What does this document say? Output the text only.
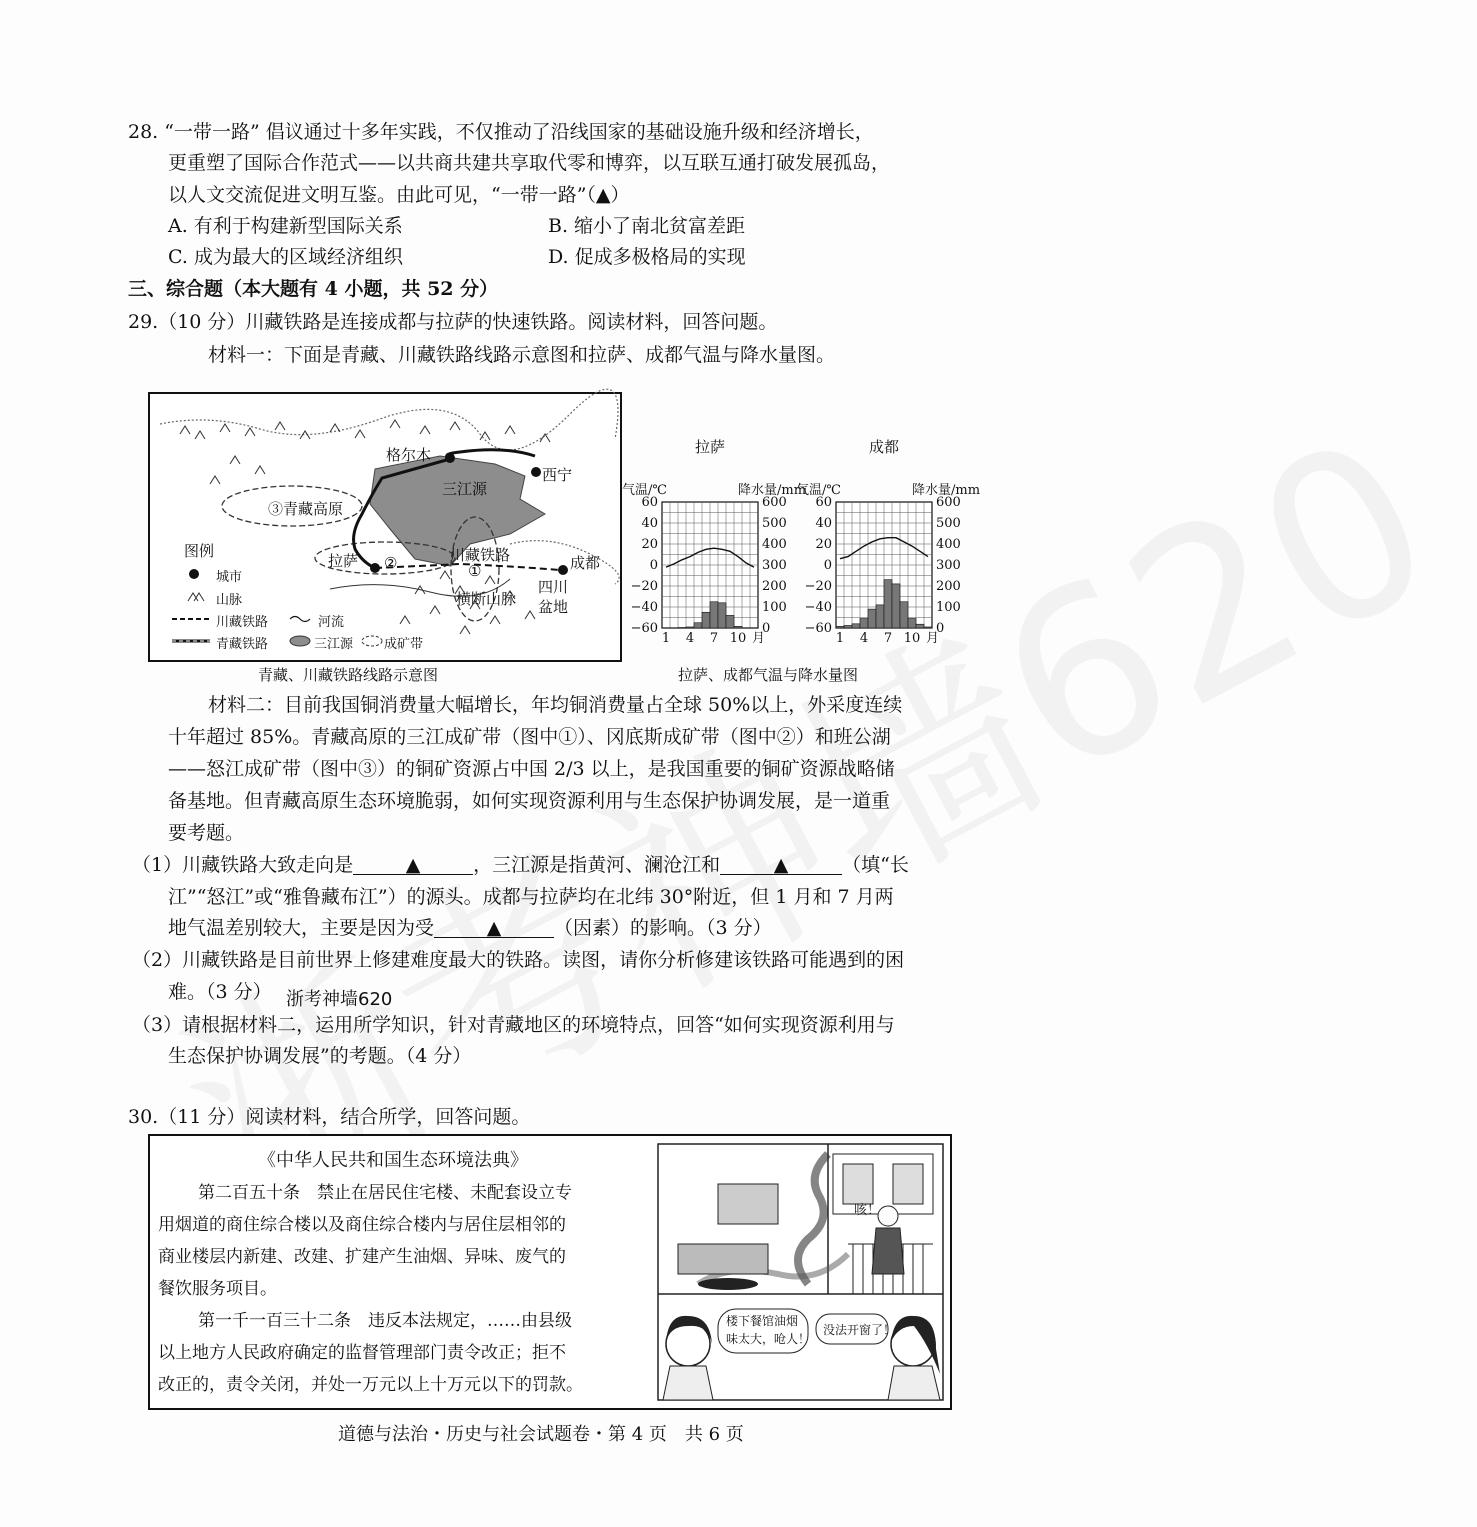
28. “一带一路” 倡议通过十多年实践，不仅推动了沿线国家的基础设施升级和经济增长，
更重塑了国际合作范式——以共商共建共享取代零和博弈，以互联互通打破发展孤岛，
以人文交流促进文明互鉴。由此可见，“一带一路”（▲）
A. 有利于构建新型国际关系	B. 缩小了南北贫富差距
C. 成为最大的区域经济组织	D. 促成多极格局的实现
三、综合题（本大题有 4 小题，共 52 分）
29.（10 分）川藏铁路是连接成都与拉萨的快速铁路。阅读材料，回答问题。
材料一：下面是青藏、川藏铁路线路示意图和拉萨、成都气温与降水量图。
格尔木
西宁
三江源
③青藏高原
拉萨 ②	川藏铁路
①
横断山脉
成都
四川
盆地
图例
城市
山脉
川藏铁路	河流
青藏铁路	三江源 成矿带
青藏、川藏铁路线路示意图
拉萨
气温/℃	降水量/mm
60
40
20
0
−20
−40
−60
600
500
400
300
200
100
0
1 4 7 10 月
成都
气温/℃	降水量/mm
60
40
20
0
−20
−40
−60
600
500
400
300
200
100
0
1 4 7 10 月
拉萨、成都气温与降水量图
材料二：目前我国铜消费量大幅增长，年均铜消费量占全球 50%以上，外采度连续
十年超过 85%。青藏高原的三江成矿带（图中①）、冈底斯成矿带（图中②）和班公湖
——怒江成矿带（图中③）的铜矿资源占中国 2/3 以上，是我国重要的铜矿资源战略储
备基地。但青藏高原生态环境脆弱，如何实现资源利用与生态保护协调发展，是一道重
要考题。
（1）川藏铁路大致走向是	▲	，三江源是指黄河、澜沧江和	▲	（填“长
江”“怒江”或“雅鲁藏布江”）的源头。成都与拉萨均在北纬 30°附近，但 1 月和 7 月两
地气温差别较大，主要是因为受	▲	（因素）的影响。（3 分）
（2）川藏铁路是目前世界上修建难度最大的铁路。读图，请你分析修建该铁路可能遇到的困
难。（3 分） 浙考神墙620
（3）请根据材料二，运用所学知识，针对青藏地区的环境特点，回答“如何实现资源利用与
生态保护协调发展”的考题。（4 分）
30.（11 分）阅读材料，结合所学，回答问题。
《中华人民共和国生态环境法典》
第二百五十条　禁止在居民住宅楼、未配套设立专
用烟道的商住综合楼以及商住综合楼内与居住层相邻的
商业楼层内新建、改建、扩建产生油烟、异味、废气的
餐饮服务项目。
第一千一百三十二条　违反本法规定，……由县级
以上地方人民政府确定的监督管理部门责令改正；拒不
改正的，责令关闭，并处一万元以上十万元以下的罚款。
咳！
楼下餐馆油烟
味太大，呛人！
没法开窗了！
道德与法治・历史与社会试题卷・第 4 页　共 6 页
